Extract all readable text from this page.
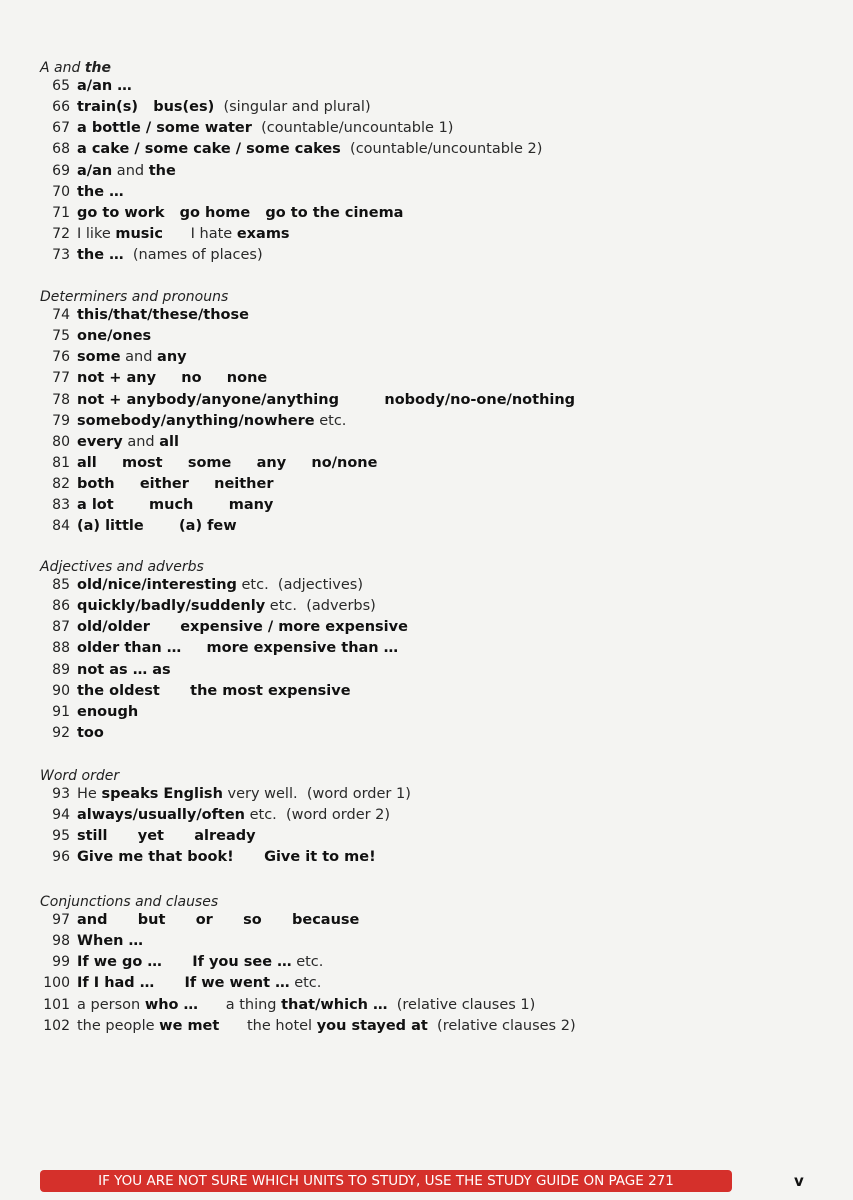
A and the
65 a/an …
66 train(s)   bus(es) (singular and plural)
67 a bottle / some water (countable/uncountable 1)
68 a cake / some cake / some cakes (countable/uncountable 2)
69 a/an and the
70 the …
71 go to work   go home   go to the cinema
72 I like music I hate exams
73 the … (names of places)
Determiners and pronouns
74 this/that/these/those
75 one/ones
76 some and any
77 not + any     no     none
78 not + anybody/anyone/anything         nobody/no-one/nothing
79 somebody/anything/nowhere etc.
80 every and all
81 all     most     some     any     no/none
82 both     either     neither
83 a lot       much       many
84 (a) little       (a) few
Adjectives and adverbs
85 old/nice/interesting etc.  (adjectives)
86 quickly/badly/suddenly etc.  (adverbs)
87 old/older      expensive / more expensive
88 older than …     more expensive than …
89 not as … as
90 the oldest      the most expensive
91 enough
92 too
Word order
93 He speaks English very well.  (word order 1)
94 always/usually/often etc.  (word order 2)
95 still      yet      already
96 Give me that book!      Give it to me!
Conjunctions and clauses
97 and      but      or      so      because
98 When …
99 If we go …      If you see … etc.
100 If I had …      If we went … etc.
101 a person who … a thing that/which … (relative clauses 1)
102 the people we met the hotel you stayed at (relative clauses 2)
IF YOU ARE NOT SURE WHICH UNITS TO STUDY, USE THE STUDY GUIDE ON PAGE 271	v
